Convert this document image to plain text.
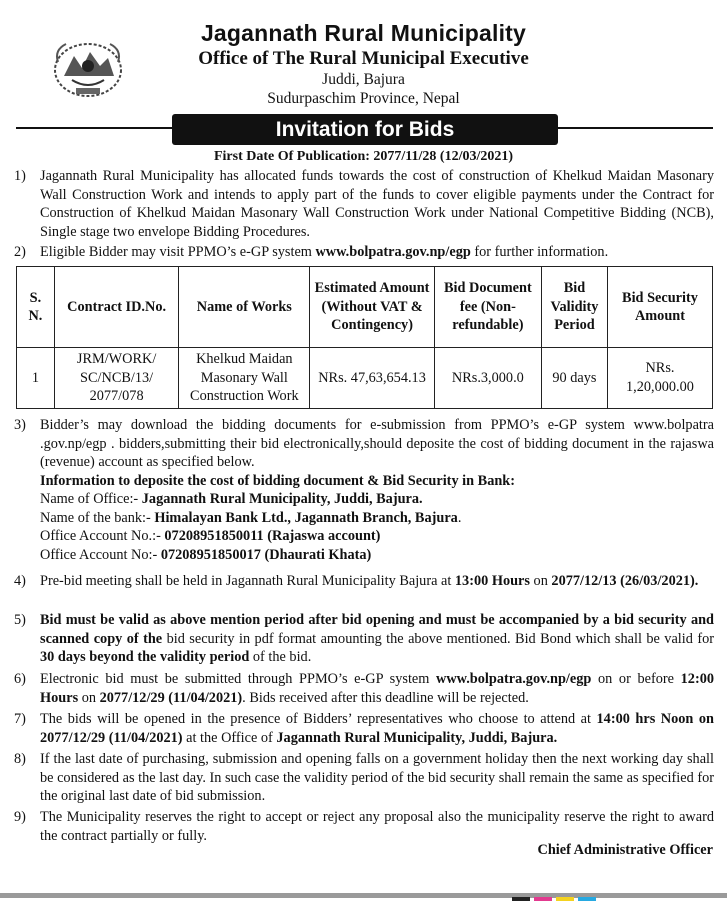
Jagannath Rural Municipality
Office of The Rural Municipal Executive
Juddi, Bajura
Sudurpaschim Province, Nepal
Invitation for Bids
First Date Of Publication: 2077/11/28 (12/03/2021)
1) Jagannath Rural Municipality has allocated funds towards the cost of construction of Khelkud Maidan Masonary Wall Construction Work and intends to apply part of the funds to cover eligible payments under the Contract for Construction of Khelkud Maidan Masonary Wall Construction Work under National Competitive Bidding (NCB), Single stage two envelope Bidding Procedures.
2) Eligible Bidder may visit PPMO’s e-GP system www.bolpatra.gov.np/egp for further information.
S. N.	Contract ID.No.	Name of Works	Estimated Amount (Without VAT & Contingency)	Bid Document fee (Non-refundable)	Bid Validity Period	Bid Security Amount
1	JRM/WORK/ SC/NCB/13/ 2077/078	Khelkud Maidan Masonary Wall Construction Work	NRs. 47,63,654.13	NRs.3,000.0	90 days	NRs. 1,20,000.00
3) Bidder’s may download the bidding documents for e-submission from PPMO’s e-GP system www.bolpatra .gov.np/egp . bidders,submitting their bid electronically,should deposite the cost of bidding document in the rajaswa (revenue) account as specified below.
Information to deposite the cost of bidding document & Bid Security in Bank:
Name of Office:- Jagannath Rural Municipality, Juddi, Bajura.
Name of the bank:- Himalayan Bank Ltd., Jagannath Branch, Bajura.
Office Account No.:- 07208951850011 (Rajaswa account)
Office Account No:- 07208951850017 (Dhaurati Khata)
4) Pre-bid meeting shall be held in Jagannath Rural Municipality Bajura at 13:00 Hours on 2077/12/13 (26/03/2021).
5) Bid must be valid as above mention period after bid opening and must be accompanied by a bid security and scanned copy of the bid security in pdf format amounting the above mentioned. Bid Bond which shall be valid for 30 days beyond the validity period of the bid.
6) Electronic bid must be submitted through PPMO’s e-GP system www.bolpatra.gov.np/egp on or before 12:00 Hours on 2077/12/29 (11/04/2021). Bids received after this deadline will be rejected.
7) The bids will be opened in the presence of Bidders’ representatives who choose to attend at 14:00 hrs Noon on 2077/12/29 (11/04/2021) at the Office of Jagannath Rural Municipality, Juddi, Bajura.
8) If the last date of purchasing, submission and opening falls on a government holiday then the next working day shall be considered as the last day. In such case the validity period of the bid security shall remain the same as specified for the original last date of bid submission.
9) The Municipality reserves the right to accept or reject any proposal also the municipality reserve the right to award the contract partially or fully.
Chief Administrative Officer
